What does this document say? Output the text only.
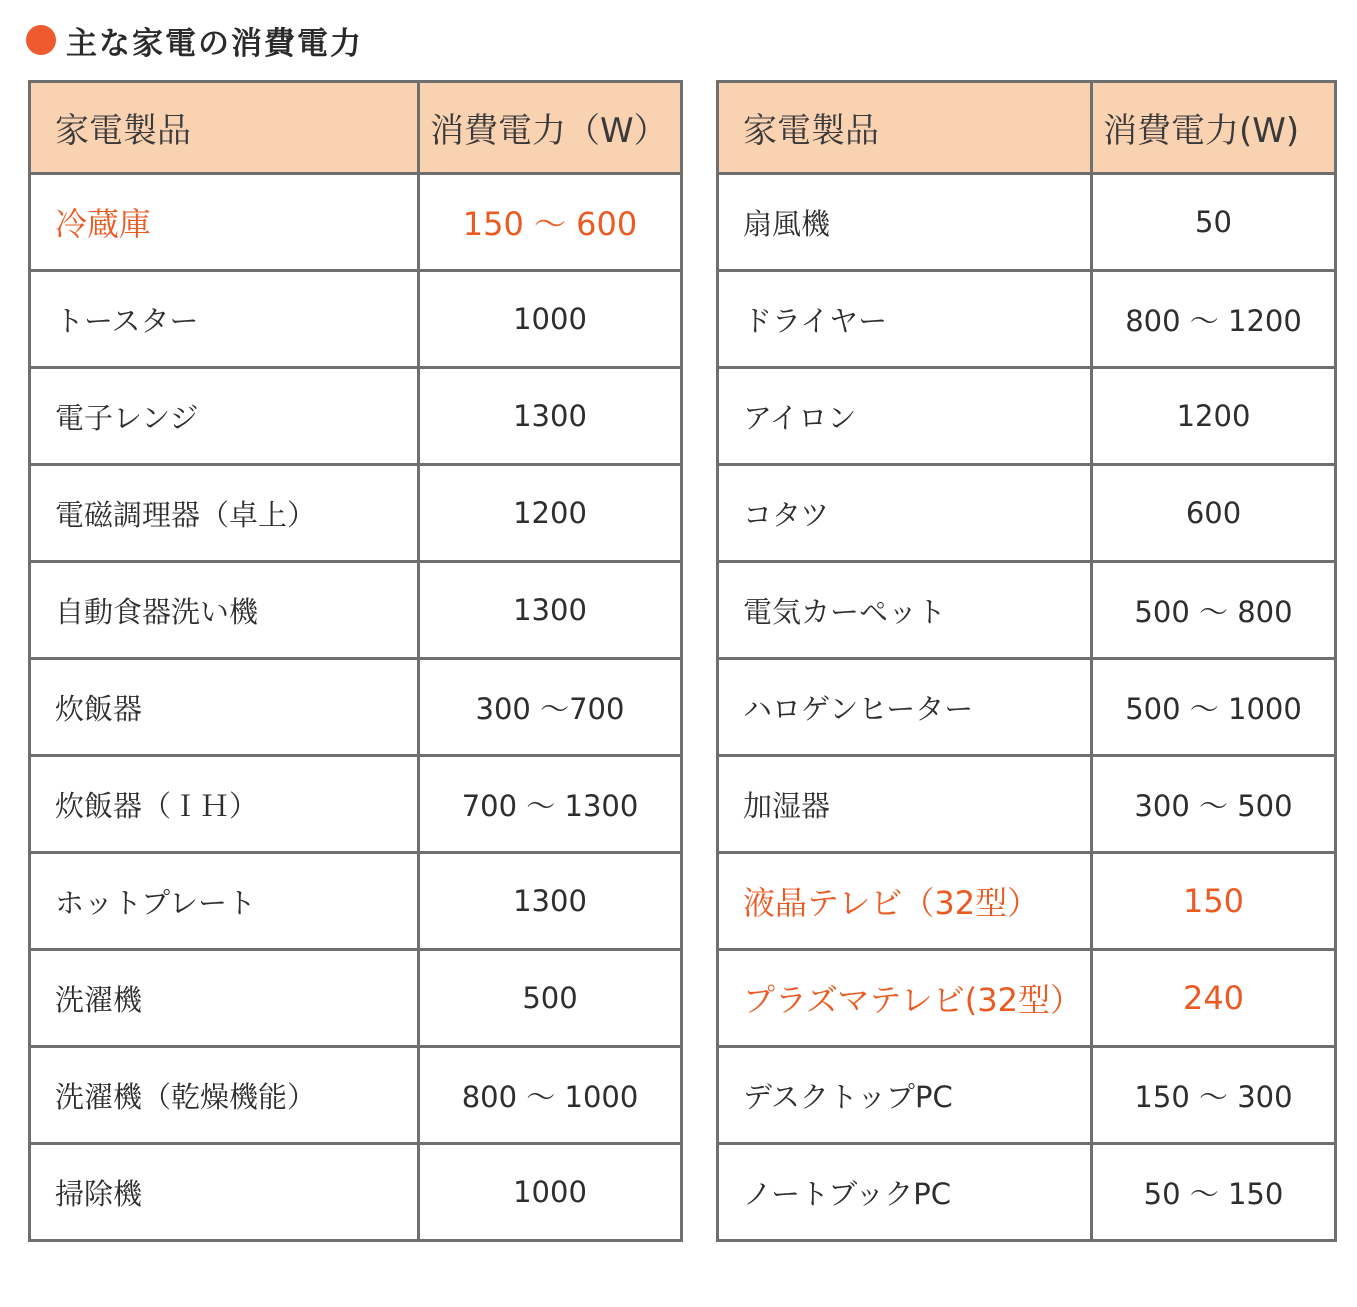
主な家電の消費電力
家電製品	消費電力（W）
冷蔵庫	150 ～ 600
トースター	1000
電子レンジ	1300
電磁調理器（卓上）	1200
自動食器洗い機	1300
炊飯器	300 ～700
炊飯器（ＩＨ）	700 ～ 1300
ホットプレート	1300
洗濯機	500
洗濯機（乾燥機能）	800 ～ 1000
掃除機	1000
家電製品	消費電力(W)
扇風機	50
ドライヤー	800 ～ 1200
アイロン	1200
コタツ	600
電気カーペット	500 ～ 800
ハロゲンヒーター	500 ～ 1000
加湿器	300 ～ 500
液晶テレビ（32型）	150
プラズマテレビ(32型）	240
デスクトップPC	150 ～ 300
ノートブックPC	50 ～ 150
